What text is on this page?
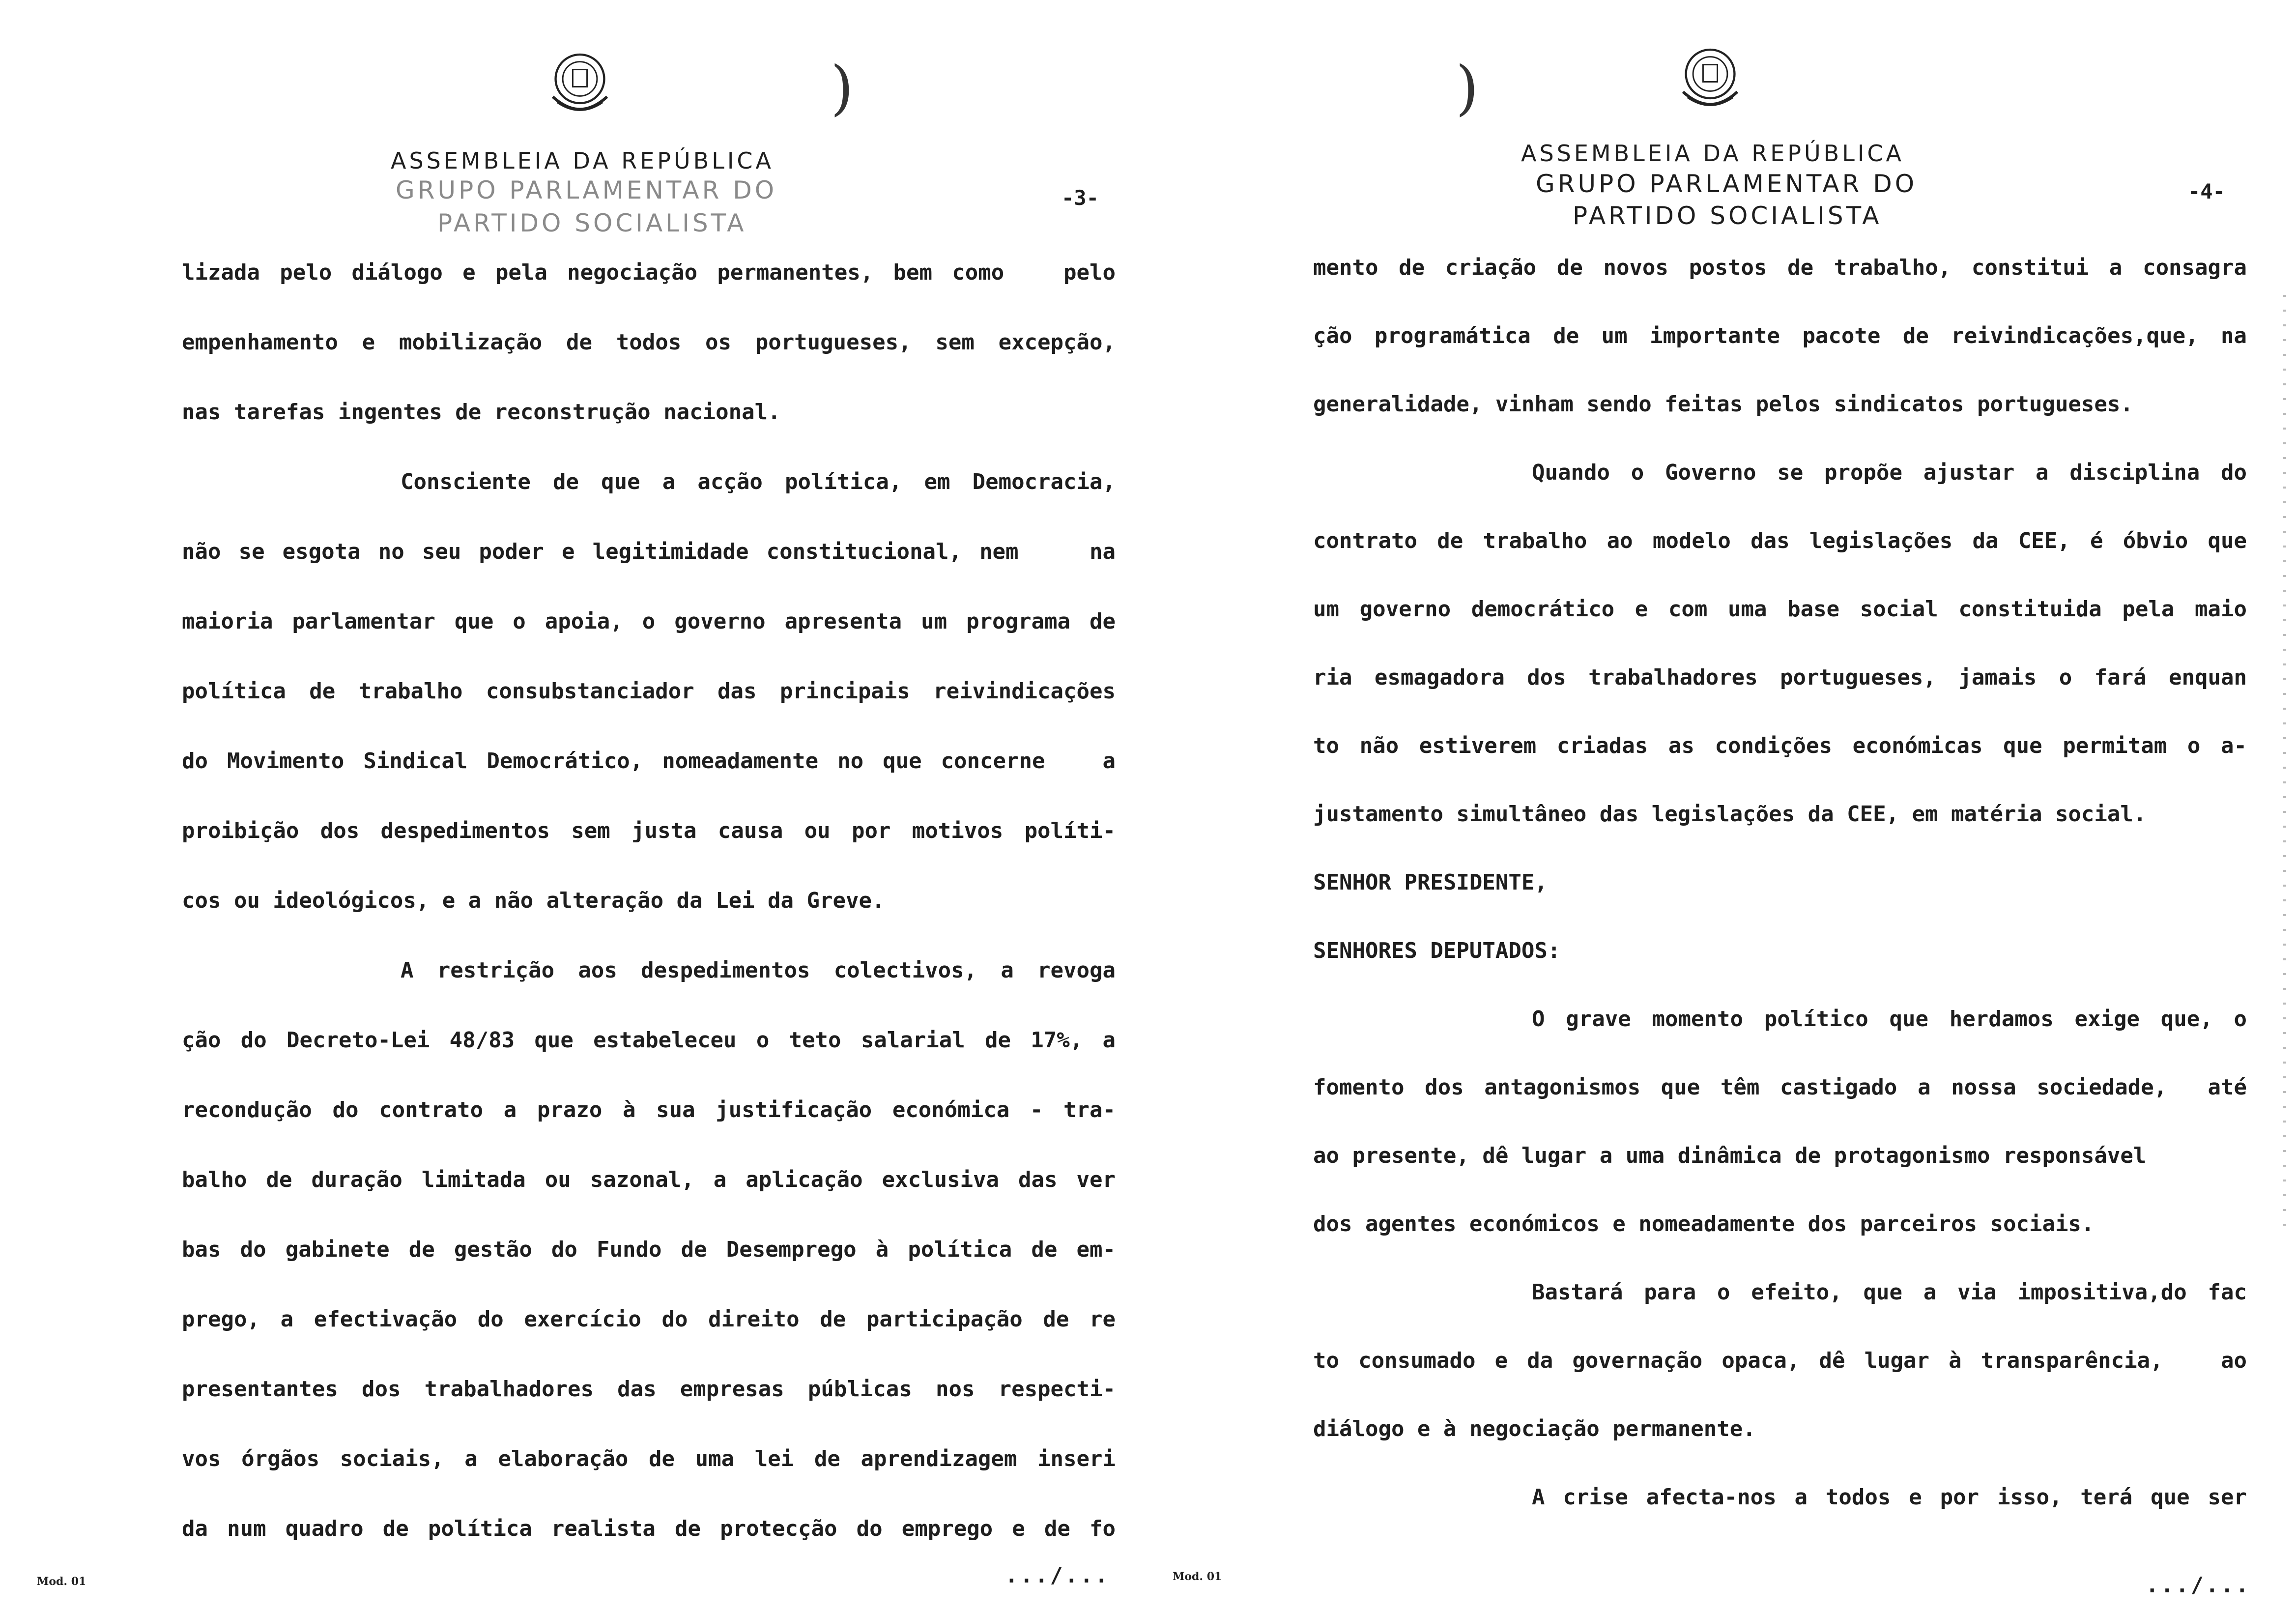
)
ASSEMBLEIA DA REPÚBLICA
GRUPO PARLAMENTAR DO
PARTIDO SOCIALISTA
-3-
lizada pelo diálogo e pela negociação permanentes, bem como   pelo
empenhamento e mobilização de todos os portugueses, sem excepção,
nas tarefas ingentes de reconstrução nacional.
Consciente de que a acção política, em Democracia,
não se esgota no seu poder e legitimidade constitucional, nem    na
maioria parlamentar que o apoia, o governo apresenta um programa de
política de trabalho consubstanciador das principais reivindicações
do Movimento Sindical Democrático, nomeadamente no que concerne   a
proibição dos despedimentos sem justa causa ou por motivos políti-
cos ou ideológicos, e a não alteração da Lei da Greve.
A restrição aos despedimentos colectivos, a revoga
ção do Decreto-Lei 48/83 que estabeleceu o teto salarial de 17%, a
recondução do contrato a prazo à sua justificação económica - tra-
balho de duração limitada ou sazonal, a aplicação exclusiva das ver
bas do gabinete de gestão do Fundo de Desemprego à política de em-
prego, a efectivação do exercício do direito de participação de re
presentantes dos trabalhadores das empresas públicas nos respecti-
vos órgãos sociais, a elaboração de uma lei de aprendizagem inseri
da num quadro de política realista de protecção do emprego e de fo
.../...
Mod. 01
)
ASSEMBLEIA DA REPÚBLICA
GRUPO PARLAMENTAR DO
PARTIDO SOCIALISTA
-4-
mento de criação de novos postos de trabalho, constitui a consagra
ção programática de um importante pacote de reivindicações,que, na
generalidade, vinham sendo feitas pelos sindicatos portugueses.
Quando o Governo se propõe ajustar a disciplina do
contrato de trabalho ao modelo das legislações da CEE, é óbvio que
um governo democrático e com uma base social constituida pela maio
ria esmagadora dos trabalhadores portugueses, jamais o fará enquan
to não estiverem criadas as condições económicas que permitam o a-
justamento simultâneo das legislações da CEE, em matéria social.
SENHOR PRESIDENTE,
SENHORES DEPUTADOS:
O grave momento político que herdamos exige que, o
fomento dos antagonismos que têm castigado a nossa sociedade,  até
ao presente, dê lugar a uma dinâmica de protagonismo responsável
dos agentes económicos e nomeadamente dos parceiros sociais.
Bastará para o efeito, que a via impositiva,do fac
to consumado e da governação opaca, dê lugar à transparência,   ao
diálogo e à negociação permanente.
A crise afecta-nos a todos e por isso, terá que ser
.../...
Mod. 01
